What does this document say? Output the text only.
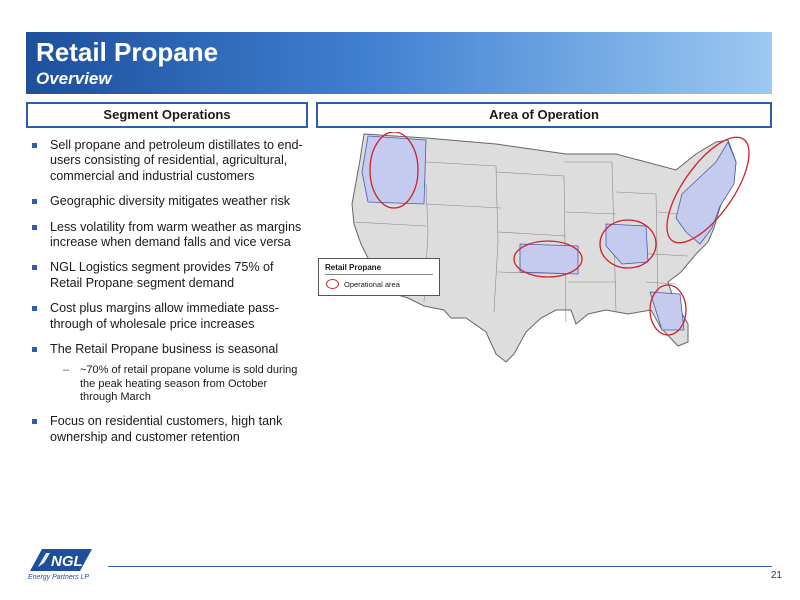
Retail Propane
Overview
Segment Operations	Area of Operation
Sell propane and petroleum distillates to end-users consisting of residential, agricultural, commercial and industrial customers
Geographic diversity mitigates weather risk
Less volatility from warm weather as margins increase when demand falls and vice versa
NGL Logistics segment provides 75% of Retail Propane segment demand
Cost plus margins allow immediate pass-through of wholesale price increases
The Retail Propane business is seasonal
– ~70% of retail propane volume is sold during the peak heating season from October through March
Focus on residential customers, high tank ownership and customer retention
Retail Propane
Operational area
NGL
Energy Partners LP	21
